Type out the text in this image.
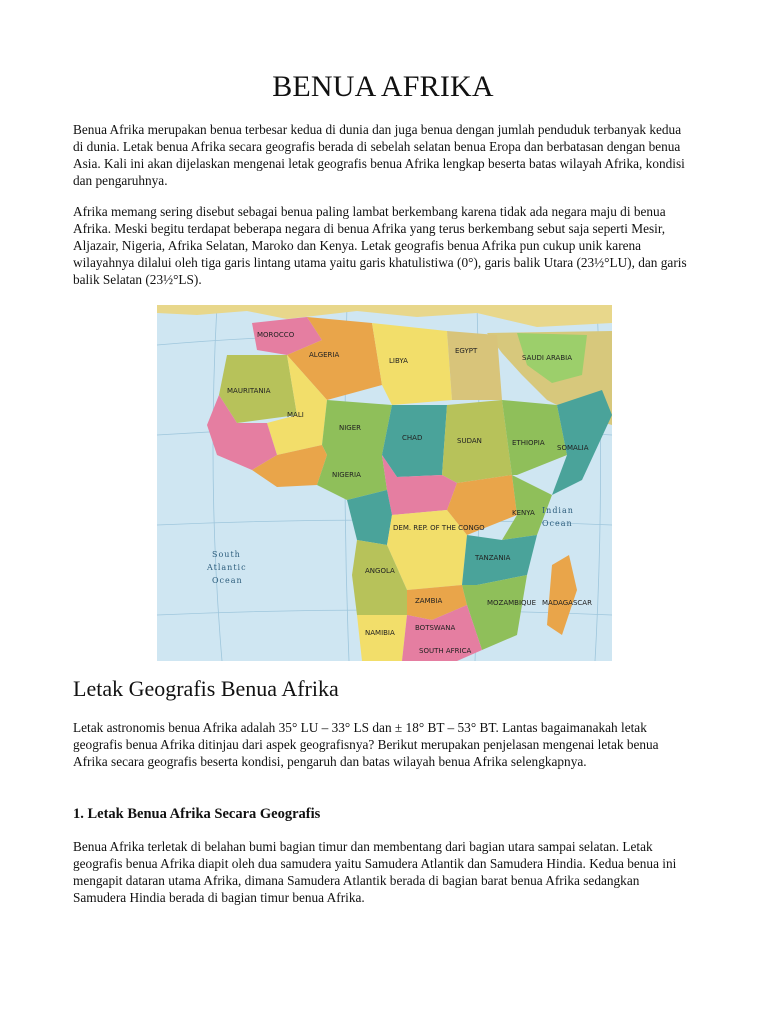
BENUA AFRIKA

Benua Afrika merupakan benua terbesar kedua di dunia dan juga benua dengan jumlah penduduk terbanyak kedua di dunia. Letak benua Afrika secara geografis berada di sebelah selatan benua Eropa dan berbatasan dengan benua Asia. Kali ini akan dijelaskan mengenai letak geografis benua Afrika lengkap beserta batas wilayah Afrika, kondisi dan pengaruhnya.

Afrika memang sering disebut sebagai benua paling lambat berkembang karena tidak ada negara maju di benua Afrika. Meski begitu terdapat beberapa negara di benua Afrika yang terus berkembang sebut saja seperti Mesir, Aljazair, Nigeria, Afrika Selatan, Maroko dan Kenya. Letak geografis benua Afrika pun cukup unik karena wilayahnya dilalui oleh tiga garis lintang utama yaitu garis khatulistiwa (0°), garis balik Utara (23½°LU), dan garis balik Selatan (23½°LS).

ALGERIA
LIBYA
EGYPT
MOROCCO
MAURITANIA
MALI
NIGER
CHAD	SUDAN	ETHIOPIA
SOMALIA
NIGERIA
SAUDI ARABIA
DEM. REP. OF THE CONGO
KENYA
TANZANIA
ANGOLA
ZAMBIA	MOZAMBIQUE
NAMIBIA
BOTSWANA
SOUTH AFRICA
MADAGASCAR
South
Atlantic
Ocean
Indian
Ocean
Letak Geografis Benua Afrika

Letak astronomis benua Afrika adalah 35° LU – 33° LS dan ± 18° BT – 53° BT. Lantas bagaimanakah letak geografis benua Afrika ditinjau dari aspek geografisnya? Berikut merupakan penjelasan mengenai letak benua Afrika secara geografis beserta kondisi, pengaruh dan batas wilayah benua Afrika selengkapnya.

1. Letak Benua Afrika Secara Geografis

Benua Afrika terletak di belahan bumi bagian timur dan membentang dari bagian utara sampai selatan. Letak geografis benua Afrika diapit oleh dua samudera yaitu Samudera Atlantik dan Samudera Hindia. Kedua benua ini mengapit dataran utama Afrika, dimana Samudera Atlantik berada di bagian barat benua Afrika sedangkan Samudera Hindia berada di bagian timur benua Afrika.
